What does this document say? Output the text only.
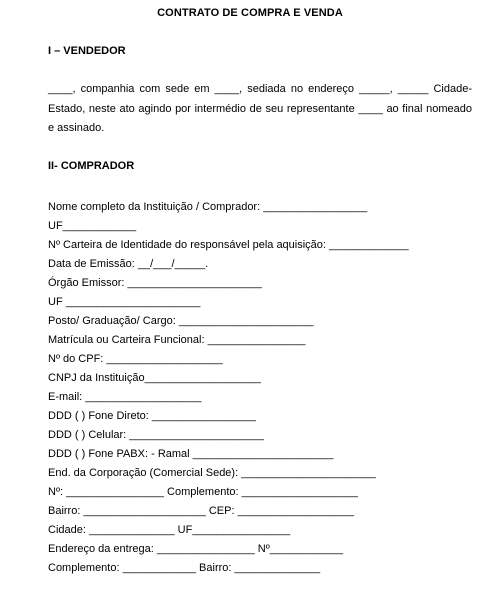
CONTRATO DE COMPRA E VENDA
I – VENDEDOR
____, companhia com sede em ____, sediada no endereço _____, _____ Cidade-Estado, neste ato agindo por intermédio de seu representante ____ ao final nomeado e assinado.
II- COMPRADOR
Nome completo da Instituição / Comprador: _________________
UF____________
Nº Carteira de Identidade do responsável pela aquisição: _____________
Data de Emissão: __/___/_____.
Órgão Emissor: ______________________
UF ______________________
Posto/ Graduação/ Cargo: ______________________
Matrícula ou Carteira Funcional: ________________
Nº do CPF: ___________________
CNPJ da Instituição___________________
E-mail: ___________________
DDD ( ) Fone Direto: _________________
DDD ( ) Celular: ______________________
DDD ( ) Fone PABX: - Ramal _______________________
End. da Corporação (Comercial Sede): ______________________
Nº: ________________ Complemento: ___________________
Bairro: ____________________ CEP: ___________________
Cidade: ______________ UF________________
Endereço da entrega: ________________ Nº____________
Complemento: ____________ Bairro: ______________
